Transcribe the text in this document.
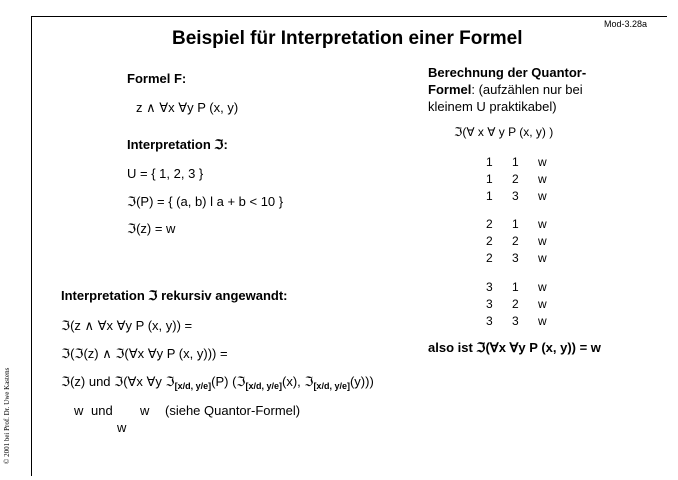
Mod-3.28a
Beispiel für Interpretation einer Formel
© 2001 bei Prof. Dr. Uwe Kastens
Formel F:
z ∧ ∀x ∀y P (x, y)
Interpretation ℑ:
U = { 1, 2, 3 }
ℑ(P) = { (a, b) l a + b < 10 }
ℑ(z) = w
Interpretation ℑ rekursiv angewandt:
ℑ(z ∧ ∀x ∀y P (x, y)) =
ℑ(ℑ(z) ∧ ℑ(∀x ∀y P (x, y))) =
ℑ(z) und ℑ(∀x ∀y ℑ$_{[x/d, y/e]}$(P) (ℑ$_{[x/d, y/e]}$(x), ℑ$_{[x/d, y/e]}$(y)))
w und w (siehe Quantor-Formel)
w
Berechnung der Quantor-
Formel: (aufzählen nur bei
kleinem U praktikabel)
ℑ(∀ x ∀ y P (x, y) )
1 1 w
1 2 w
1 3 w
2 1 w
2 2 w
2 3 w
3 1 w
3 2 w
3 3 w
also ist ℑ(∀x ∀y P (x, y)) = w
